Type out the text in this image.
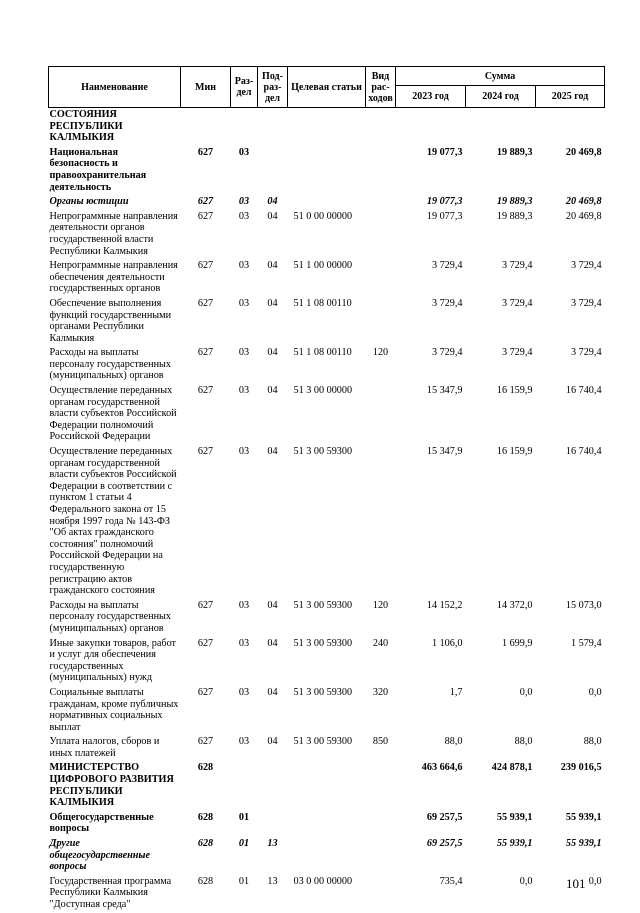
Наименование	Мин	Раз-дел	Под-раз-дел	Целевая статьи	Вид рас-ходов	Сумма		
						2023 год	2024 год	2025 год
СОСТОЯНИЯ РЕСПУБЛИКИ КАЛМЫКИЯ								
Национальная безопасность и правоохранительная деятельность	627	03				19 077,3	19 889,3	20 469,8
Органы юстиции	627	03	04			19 077,3	19 889,3	20 469,8
Непрограммные направления деятельности органов государственной власти Республики Калмыкия	627	03	04	51 0 00 00000		19 077,3	19 889,3	20 469,8
Непрограммные направления обеспечения деятельности государственных органов	627	03	04	51 1 00 00000		3 729,4	3 729,4	3 729,4
Обеспечение выполнения функций государственными органами Республики Калмыкия	627	03	04	51 1 08 00110		3 729,4	3 729,4	3 729,4
Расходы на выплаты персоналу государственных (муниципальных) органов	627	03	04	51 1 08 00110	120	3 729,4	3 729,4	3 729,4
Осуществление переданных органам государственной власти субъектов Российской Федерации полномочий Российской Федерации	627	03	04	51 3 00 00000		15 347,9	16 159,9	16 740,4
Осуществление переданных органам государственной власти субъектов Российской Федерации в соответствии с пунктом 1 статьи 4 Федерального закона от 15 ноября 1997 года № 143-ФЗ "Об актах гражданского состояния" полномочий Российской Федерации на государственную регистрацию актов гражданского состояния	627	03	04	51 3 00 59300		15 347,9	16 159,9	16 740,4
Расходы на выплаты персоналу государственных (муниципальных) органов	627	03	04	51 3 00 59300	120	14 152,2	14 372,0	15 073,0
Иные закупки товаров, работ и услуг для обеспечения государственных (муниципальных) нужд	627	03	04	51 3 00 59300	240	1 106,0	1 699,9	1 579,4
Социальные выплаты гражданам, кроме публичных нормативных социальных выплат	627	03	04	51 3 00 59300	320	1,7	0,0	0,0
Уплата налогов, сборов и иных платежей	627	03	04	51 3 00 59300	850	88,0	88,0	88,0
МИНИСТЕРСТВО ЦИФРОВОГО РАЗВИТИЯ РЕСПУБЛИКИ КАЛМЫКИЯ	628					463 664,6	424 878,1	239 016,5
Общегосударственные вопросы	628	01				69 257,5	55 939,1	55 939,1
Другие общегосударственные вопросы	628	01	13			69 257,5	55 939,1	55 939,1
Государственная программа Республики Калмыкия "Доступная среда"	628	01	13	03 0 00 00000		735,4	0,0	0,0
101
